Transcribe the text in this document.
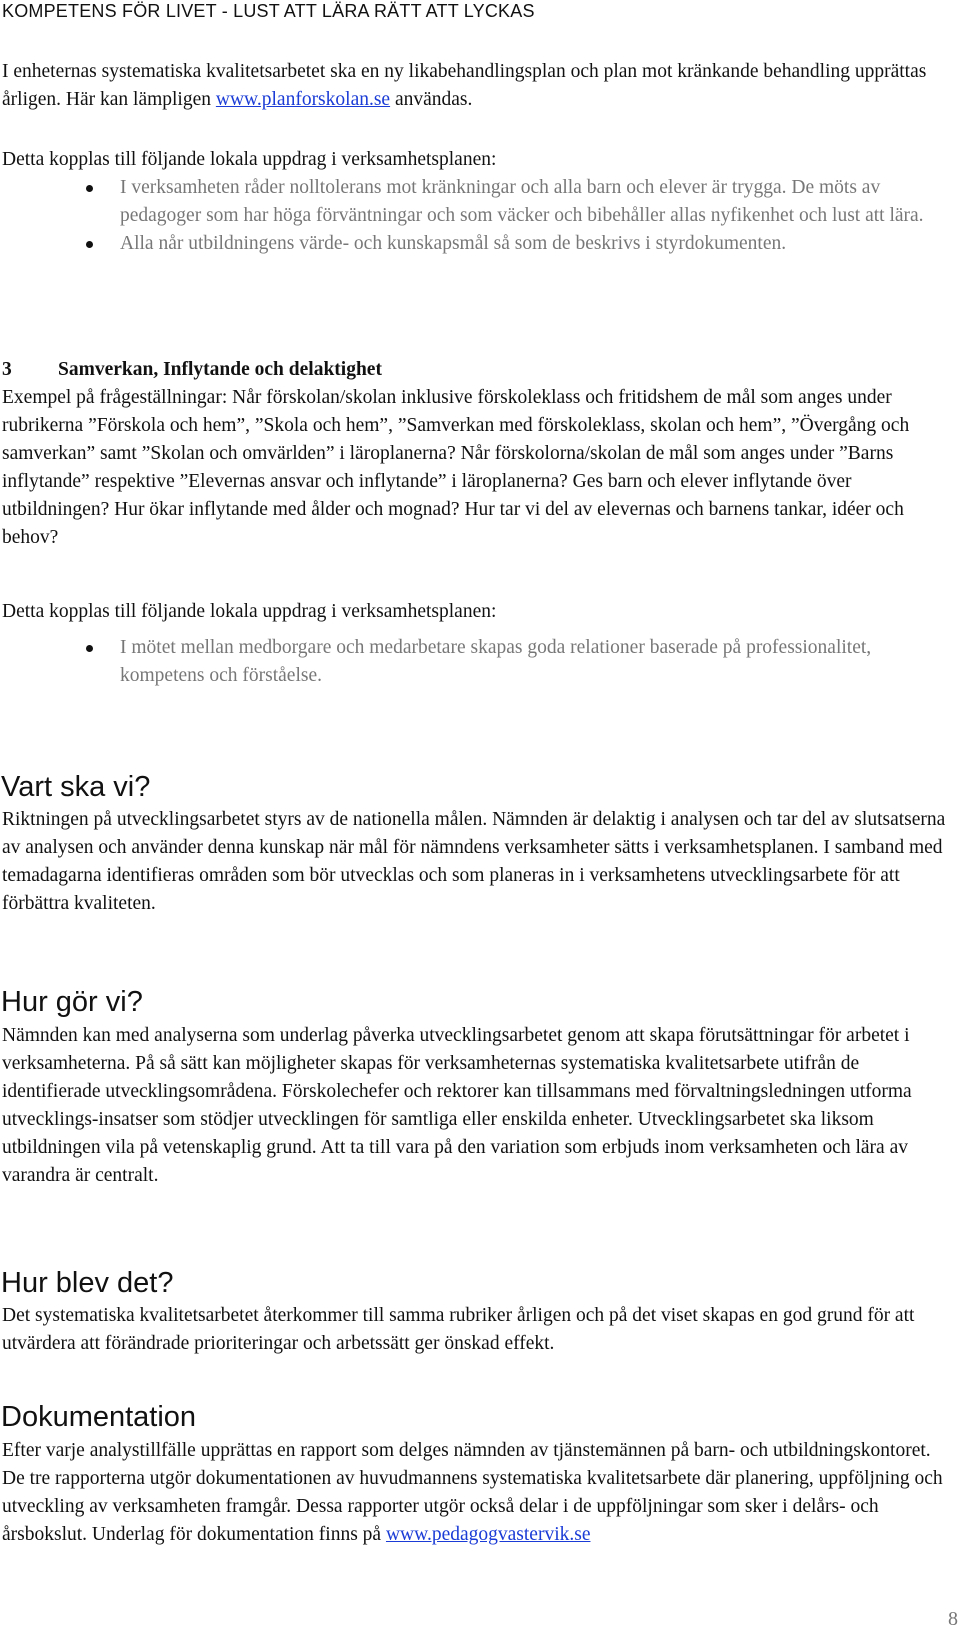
KOMPETENS FÖR LIVET - LUST ATT LÄRA RÄTT ATT LYCKAS
I enheternas systematiska kvalitetsarbetet ska en ny likabehandlingsplan och plan mot kränkande behandling upprättas årligen. Här kan lämpligen www.planforskolan.se användas.
Detta kopplas till följande lokala uppdrag i verksamhetsplanen:
I verksamheten råder nolltolerans mot kränkningar och alla barn och elever är trygga. De möts av pedagoger som har höga förväntningar och som väcker och bibehåller allas nyfikenhet och lust att lära.
Alla når utbildningens värde- och kunskapsmål så som de beskrivs i styrdokumenten.
3 Samverkan, Inflytande och delaktighet
Exempel på frågeställningar: Når förskolan/skolan inklusive förskoleklass och fritidshem de mål som anges under rubrikerna ”Förskola och hem”, ”Skola och hem”, ”Samverkan med förskoleklass, skolan och hem”, ”Övergång och samverkan” samt ”Skolan och omvärlden” i läroplanerna? Når förskolorna/skolan de mål som anges under ”Barns inflytande” respektive ”Elevernas ansvar och inflytande” i läroplanerna? Ges barn och elever inflytande över utbildningen? Hur ökar inflytande med ålder och mognad? Hur tar vi del av elevernas och barnens tankar, idéer och behov?
Detta kopplas till följande lokala uppdrag i verksamhetsplanen:
I mötet mellan medborgare och medarbetare skapas goda relationer baserade på professionalitet, kompetens och förståelse.
Vart ska vi?
Riktningen på utvecklingsarbetet styrs av de nationella målen. Nämnden är delaktig i analysen och tar del av slutsatserna av analysen och använder denna kunskap när mål för nämndens verksamheter sätts i verksamhetsplanen. I samband med temadagarna identifieras områden som bör utvecklas och som planeras in i verksamhetens utvecklingsarbete för att förbättra kvaliteten.
Hur gör vi?
Nämnden kan med analyserna som underlag påverka utvecklingsarbetet genom att skapa förutsättningar för arbetet i verksamheterna. På så sätt kan möjligheter skapas för verksamheternas systematiska kvalitetsarbete utifrån de identifierade utvecklingsområdena. Förskolechefer och rektorer kan tillsammans med förvaltningsledningen utforma utvecklings-insatser som stödjer utvecklingen för samtliga eller enskilda enheter. Utvecklingsarbetet ska liksom utbildningen vila på vetenskaplig grund. Att ta till vara på den variation som erbjuds inom verksamheten och lära av varandra är centralt.
Hur blev det?
Det systematiska kvalitetsarbetet återkommer till samma rubriker årligen och på det viset skapas en god grund för att utvärdera att förändrade prioriteringar och arbetssätt ger önskad effekt.
Dokumentation
Efter varje analystillfälle upprättas en rapport som delges nämnden av tjänstemännen på barn- och utbildningskontoret. De tre rapporterna utgör dokumentationen av huvudmannens systematiska kvalitetsarbete där planering, uppföljning och utveckling av verksamheten framgår. Dessa rapporter utgör också delar i de uppföljningar som sker i delårs- och årsbokslut. Underlag för dokumentation finns på www.pedagogvastervik.se
8
